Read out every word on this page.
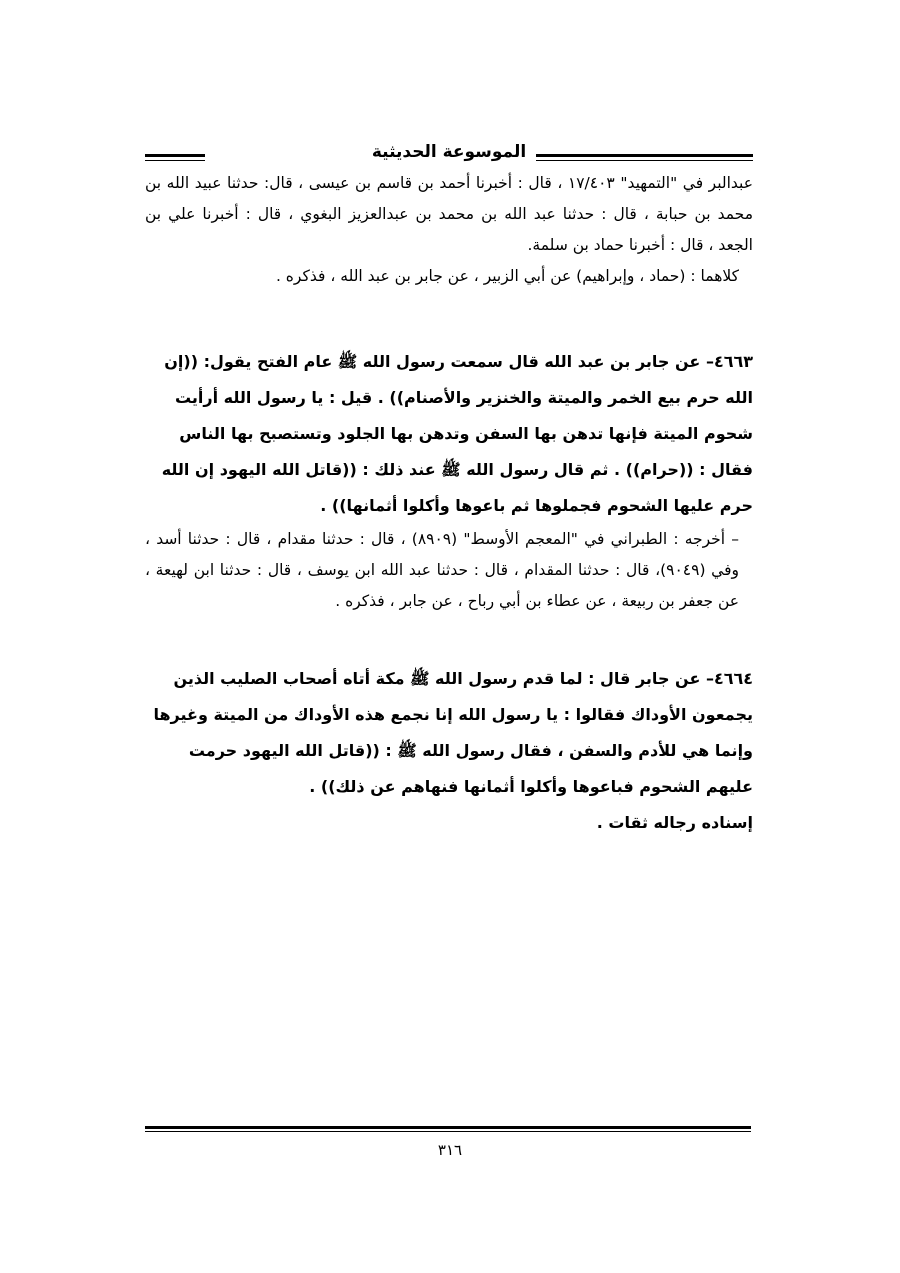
الموسوعة الحديثية

عبدالبر في "التمهيد" ١٧/٤٠٣ ، قال : أخبرنا أحمد بن قاسم بن عيسى ، قال: حدثنا عبيد الله بن محمد بن حبابة ، قال : حدثنا عبد الله بن محمد بن عبدالعزيز البغوي ، قال : أخبرنا علي بن الجعد ، قال : أخبرنا حماد بن سلمة.

كلاهما : (حماد ، وإبراهيم) عن أبي الزبير ، عن جابر بن عبد الله ، فذكره .

٤٦٦٣– عن جابر بن عبد الله قال سمعت رسول الله ﷺ عام الفتح يقول: ((إن الله حرم بيع الخمر والميتة والخنزير والأصنام)) . قيل : يا رسول الله أرأيت شحوم الميتة فإنها تدهن بها السفن وتدهن بها الجلود وتستصبح بها الناس فقال : ((حرام)) . ثم قال رسول الله ﷺ عند ذلك : ((قاتل الله اليهود إن الله حرم عليها الشحوم فجملوها ثم باعوها وأكلوا أثمانها)) .

– أخرجه : الطبراني في "المعجم الأوسط" (٨٩٠٩) ، قال : حدثنا مقدام ، قال : حدثنا أسد ، وفي (٩٠٤٩)، قال : حدثنا المقدام ، قال : حدثنا عبد الله ابن يوسف ، قال : حدثنا ابن لهيعة ، عن جعفر بن ربيعة ، عن عطاء بن أبي رباح ، عن جابر ، فذكره .

٤٦٦٤– عن جابر قال : لما قدم رسول الله ﷺ مكة أتاه أصحاب الصليب الذين يجمعون الأوداك فقالوا : يا رسول الله إنا نجمع هذه الأوداك من الميتة وغيرها وإنما هي للأدم والسفن ، فقال رسول الله ﷺ : ((قاتل الله اليهود حرمت عليهم الشحوم فباعوها وأكلوا أثمانها فنهاهم عن ذلك)) .

إسناده رجاله ثقات .

٣١٦
